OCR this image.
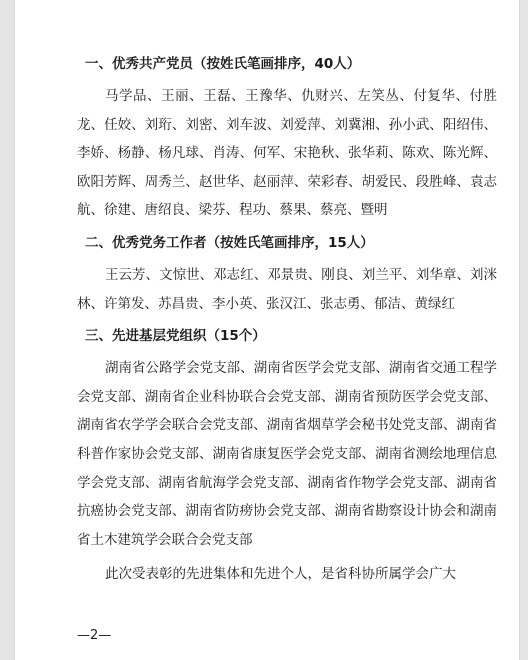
一、优秀共产党员（按姓氏笔画排序，40人）
马学品、王丽、王磊、王豫华、仇财兴、左笑丛、付复华、付胜龙、任姣、刘珩、刘密、刘车波、刘爱萍、刘冀湘、孙小武、阳绍伟、李娇、杨静、杨凡球、肖涛、何军、宋艳秋、张华莉、陈欢、陈光辉、欧阳芳辉、周秀兰、赵世华、赵丽萍、荣彩春、胡爱民、段胜峰、袁志航、徐建、唐绍良、梁芬、程功、蔡果、蔡亮、暨明
二、优秀党务工作者（按姓氏笔画排序，15人）
王云芳、文惊世、邓志红、邓景贵、刚良、刘兰平、刘华章、刘洣林、许第发、苏昌贵、李小英、张汉江、张志勇、郁洁、黄绿红
三、先进基层党组织（15个）
湖南省公路学会党支部、湖南省医学会党支部、湖南省交通工程学会党支部、湖南省企业科协联合会党支部、湖南省预防医学会党支部、湖南省农学学会联合会党支部、湖南省烟草学会秘书处党支部、湖南省科普作家协会党支部、湖南省康复医学会党支部、湖南省测绘地理信息学会党支部、湖南省航海学会党支部、湖南省作物学会党支部、湖南省抗癌协会党支部、湖南省防痨协会党支部、湖南省勘察设计协会和湖南省土木建筑学会联合会党支部
此次受表彰的先进集体和先进个人，是省科协所属学会广大
—2—
